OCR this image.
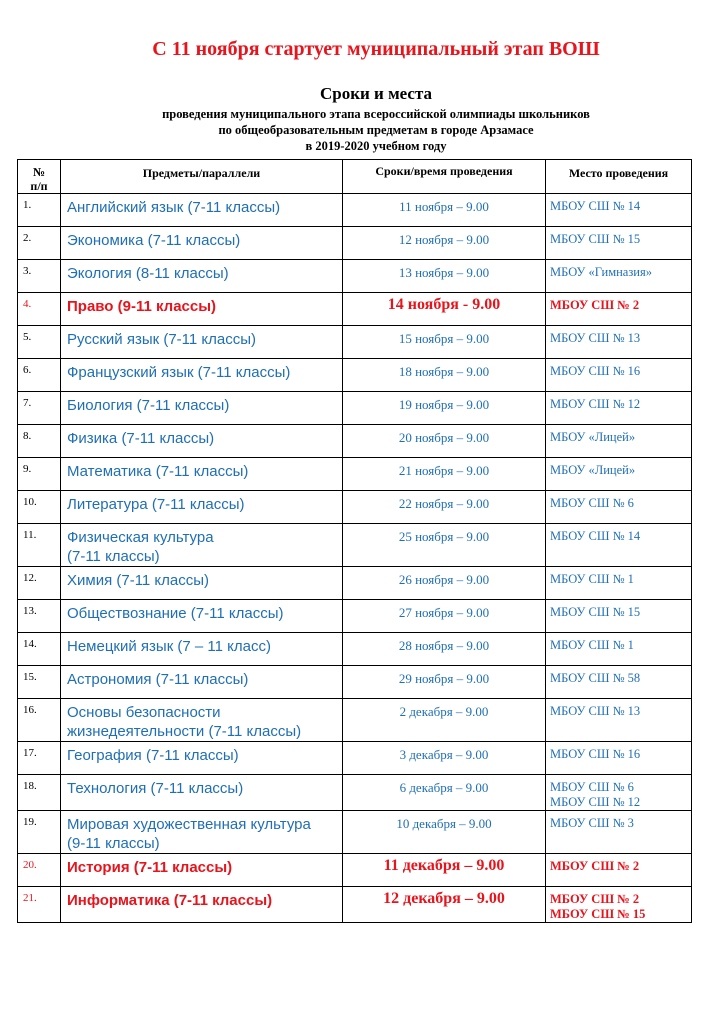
С 11 ноября стартует муниципальный этап ВОШ
Сроки и места
проведения муниципального этапа всероссийской олимпиады школьников
по общеобразовательным предметам в городе Арзамасе
в 2019-2020 учебном году
№
п/п	Предметы/параллели	Сроки/время проведения	Место проведения
1.	Английский язык (7-11 классы)	11 ноября – 9.00	МБОУ СШ № 14

2.	Экономика (7-11 классы)	12 ноября – 9.00	МБОУ СШ № 15

3.	Экология (8-11 классы)	13 ноября – 9.00	МБОУ «Гимназия»

4.	Право (9-11 классы)	14 ноября - 9.00	МБОУ СШ № 2

5.	Русский язык (7-11 классы)	15 ноября – 9.00	МБОУ СШ № 13

6.	Французский язык (7-11 классы)	18 ноября – 9.00	МБОУ СШ № 16

7.	Биология (7-11 классы)	19 ноября – 9.00	МБОУ СШ № 12

8.	Физика (7-11 классы)	20 ноября – 9.00	МБОУ «Лицей»

9.	Математика (7-11 классы)	21 ноября – 9.00	МБОУ «Лицей»

10.	Литература (7-11 классы)	22 ноября – 9.00	МБОУ СШ № 6

11.	Физическая культура
(7-11 классы)	25 ноября – 9.00	МБОУ СШ № 14

12.	Химия (7-11 классы)	26 ноября – 9.00	МБОУ СШ № 1

13.	Обществознание (7-11 классы)	27 ноября – 9.00	МБОУ СШ № 15

14.	Немецкий язык (7 – 11 класс)	28 ноября – 9.00	МБОУ СШ № 1

15.	Астрономия (7-11 классы)	29 ноября – 9.00	МБОУ СШ № 58

16.	Основы безопасности
жизнедеятельности (7-11 классы)	2 декабря – 9.00	МБОУ СШ № 13

17.	География (7-11 классы)	3 декабря – 9.00	МБОУ СШ № 16

18.	Технология (7-11 классы)	6 декабря – 9.00	МБОУ СШ № 6
МБОУ СШ № 12

19.	Мировая художественная культура
(9-11 классы)	10 декабря – 9.00	МБОУ СШ № 3

20.	История (7-11 классы)	11 декабря – 9.00	МБОУ СШ № 2

21.	Информатика (7-11 классы)	12 декабря – 9.00	МБОУ СШ № 2
МБОУ СШ № 15
